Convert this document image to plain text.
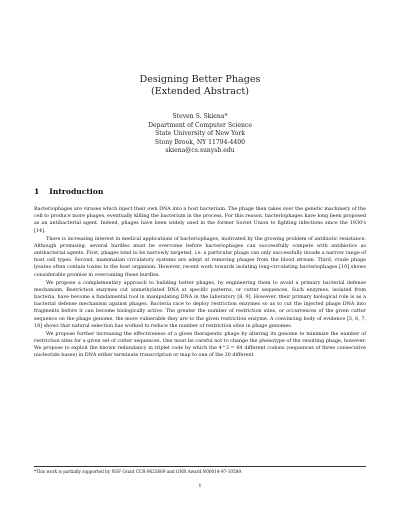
Designing Better Phages
(Extended Abstract)
Steven S. Skiena*
Department of Computer Science
State University of New York
Stony Brook, NY 11794-4400
skiena@cs.sunysb.edu
1 Introduction

Bacteriophages are viruses which inject their own DNA into a host bacterium. The phage then takes over the genetic machinery of the cell to produce more phages, eventually killing the bacterium in the process. For this reason, bacteriophages have long been proposed as an antibacterial agent. Indeed, phages have been widely used in the former Soviet Union to fighting infections since the 1930's [14].

There is increasing interest in medical applications of bacteriophages, motivated by the growing problem of antibiotic resistance. Although promising, several hurdles must be overcome before bacteriophages can successfully compete with antibiotics as antibacterial agents. First, phages tend to be narrowly targeted, i.e. a particular phage can only successfully invade a narrow range of host cell types. Second, mammalian circulatory systems are adept at removing phages from the blood stream. Third, crude phage lysates often contain toxins to the host organism. However, recent work towards isolating long-circulating bacteriophages [10] shows considerable promise in overcoming these hurdles.

We propose a complementary approach to building better phages, by engineering them to avoid a primary bacterial defense mechanism. Restriction enzymes cut unmethylated DNA at specific patterns, or cutter sequences. Such enzymes, isolated from bacteria, have become a fundamental tool in manipulating DNA in the laboratory [8, 9]. However, their primary biological role is as a bacterial defense mechanism against phages. Bacteria race to deploy restriction enzymes so as to cut the injected phage DNA into fragments before it can become biologically active. The greater the number of restriction sites, or occurrences of the given cutter sequence on the phage genome, the more vulnerable they are to the given restriction enzyme. A convincing body of evidence [3, 6, 7, 18] shows that natural selection has worked to reduce the number of restriction sites in phage genomes.

We propose further increasing the effectiveness of a given therapeutic phage by altering its genome to minimize the number of restriction sites for a given set of cutter sequences. One must be careful not to change the phenotype of the resulting phage, however. We propose to exploit the known redundancy in triplet code by which the 4^3 = 64 different codons (sequences of three consecutive nucleotide bases) in DNA either terminate transcription or map to one of the 20 different

*This work is partially supported by NSF Grant CCR-9625669 and ONR Award N00014-97-10589.
1
